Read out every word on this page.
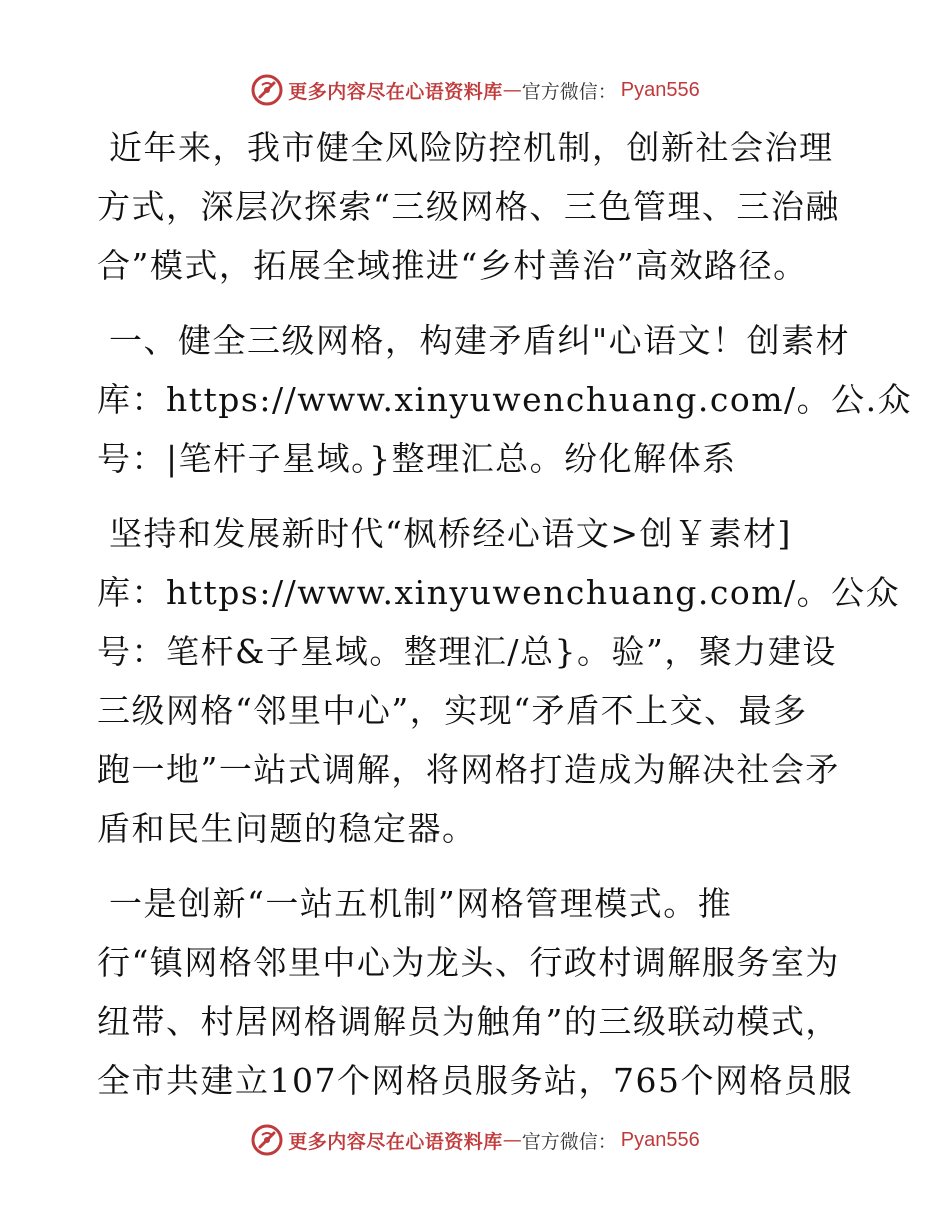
更多内容尽在心语资料库 — 官方微信： Pyan556
近年来，我市健全风险防控机制，创新社会治理
方式，深层次探索“三级网格、三色管理、三治融
合”模式，拓展全域推进“乡村善治”高效路径。
一、健全三级网格，构建矛盾纠"心语文！创素材
库：https://www.xinyuwenchuang.com/。公.众
号：|笔杆子星域。}整理汇总。纷化解体系
坚持和发展新时代“枫桥经心语文>创￥素材]
库：https://www.xinyuwenchuang.com/。公众
号：笔杆&子星域。整理汇/总}。验”，聚力建设
三级网格“邻里中心”，实现“矛盾不上交、最多
跑一地”一站式调解，将网格打造成为解决社会矛
盾和民生问题的稳定器。
一是创新“一站五机制”网格管理模式。推
行“镇网格邻里中心为龙头、行政村调解服务室为
纽带、村居网格调解员为触角”的三级联动模式，
全市共建立107个网格员服务站，765个网格员服
更多内容尽在心语资料库 — 官方微信： Pyan556
